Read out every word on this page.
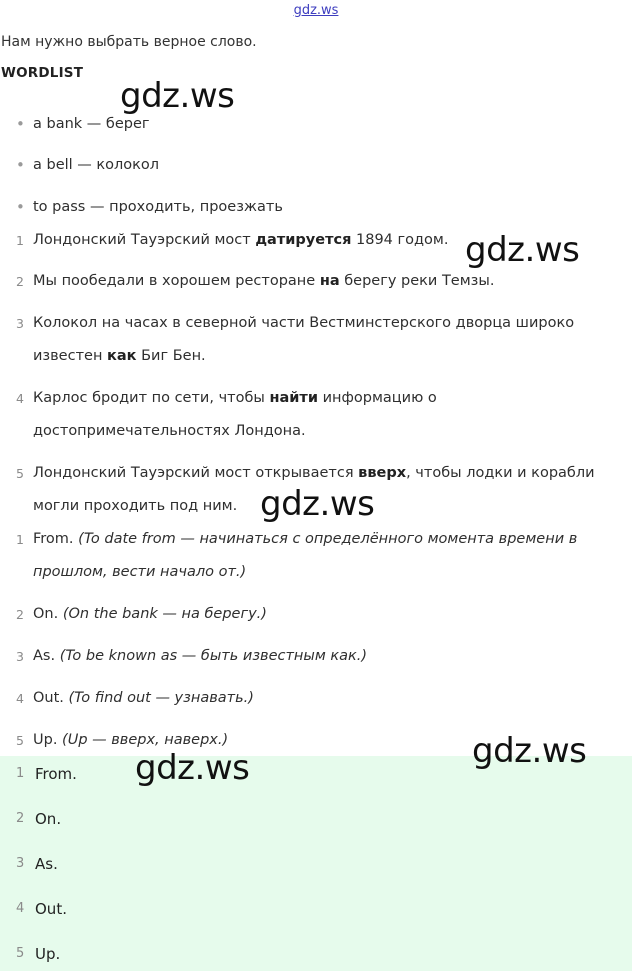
gdz.ws
Нам нужно выбрать верное слово.
WORDLIST
• a bank — берег
• a bell — колокол
• to pass — проходить, проезжать
1 Лондонский Тауэрский мост датируется 1894 годом.
2 Мы пообедали в хорошем ресторане на берегу реки Темзы.
3 Колокол на часах в северной части Вестминстерского дворца широко известен как Биг Бен.
4 Карлос бродит по сети, чтобы найти информацию о достопримечательностях Лондона.
5 Лондонский Тауэрский мост открывается вверх, чтобы лодки и корабли могли проходить под ним.
1 From. (To date from — начинаться с определённого момента времени в прошлом, вести начало от.)
2 On. (On the bank — на берегу.)
3 As. (To be known as — быть известным как.)
4 Out. (To find out — узнавать.)
5 Up. (Up — вверх, наверх.)
1
2
3
4
5
gdz.ws
gdz.ws
gdz.ws
gdz.ws
gdz.ws
